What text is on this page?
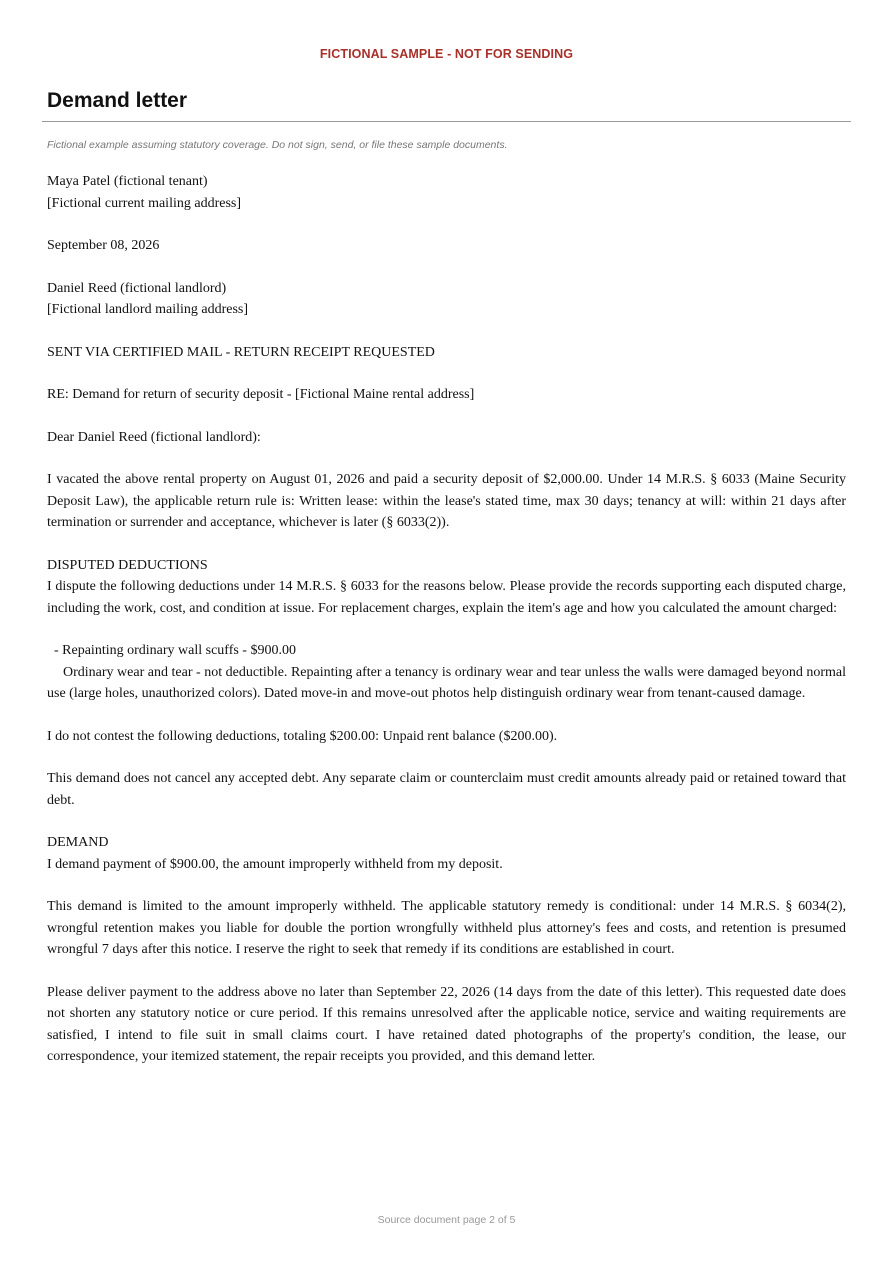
FICTIONAL SAMPLE - NOT FOR SENDING
Demand letter
Fictional example assuming statutory coverage. Do not sign, send, or file these sample documents.

Maya Patel (fictional tenant)
[Fictional current mailing address]

September 08, 2026

Daniel Reed (fictional landlord)
[Fictional landlord mailing address]

SENT VIA CERTIFIED MAIL - RETURN RECEIPT REQUESTED

RE: Demand for return of security deposit - [Fictional Maine rental address]

Dear Daniel Reed (fictional landlord):

I vacated the above rental property on August 01, 2026 and paid a security deposit of $2,000.00. Under 14 M.R.S. § 6033 (Maine Security Deposit Law), the applicable return rule is: Written lease: within the lease's stated time, max 30 days; tenancy at will: within 21 days after termination or surrender and acceptance, whichever is later (§ 6033(2)).

DISPUTED DEDUCTIONS
I dispute the following deductions under 14 M.R.S. § 6033 for the reasons below. Please provide the records supporting each disputed charge, including the work, cost, and condition at issue. For replacement charges, explain the item's age and how you calculated the amount charged:

- Repainting ordinary wall scuffs - $900.00
Ordinary wear and tear - not deductible. Repainting after a tenancy is ordinary wear and tear unless the walls were damaged beyond normal use (large holes, unauthorized colors). Dated move-in and move-out photos help distinguish ordinary wear from tenant-caused damage.

I do not contest the following deductions, totaling $200.00: Unpaid rent balance ($200.00).

This demand does not cancel any accepted debt. Any separate claim or counterclaim must credit amounts already paid or retained toward that debt.

DEMAND
I demand payment of $900.00, the amount improperly withheld from my deposit.

This demand is limited to the amount improperly withheld. The applicable statutory remedy is conditional: under 14 M.R.S. § 6034(2), wrongful retention makes you liable for double the portion wrongfully withheld plus attorney's fees and costs, and retention is presumed wrongful 7 days after this notice. I reserve the right to seek that remedy if its conditions are established in court.

Please deliver payment to the address above no later than September 22, 2026 (14 days from the date of this letter). This requested date does not shorten any statutory notice or cure period. If this remains unresolved after the applicable notice, service and waiting requirements are satisfied, I intend to file suit in small claims court. I have retained dated photographs of the property's condition, the lease, our correspondence, your itemized statement, the repair receipts you provided, and this demand letter.

Source document page 2 of 5
